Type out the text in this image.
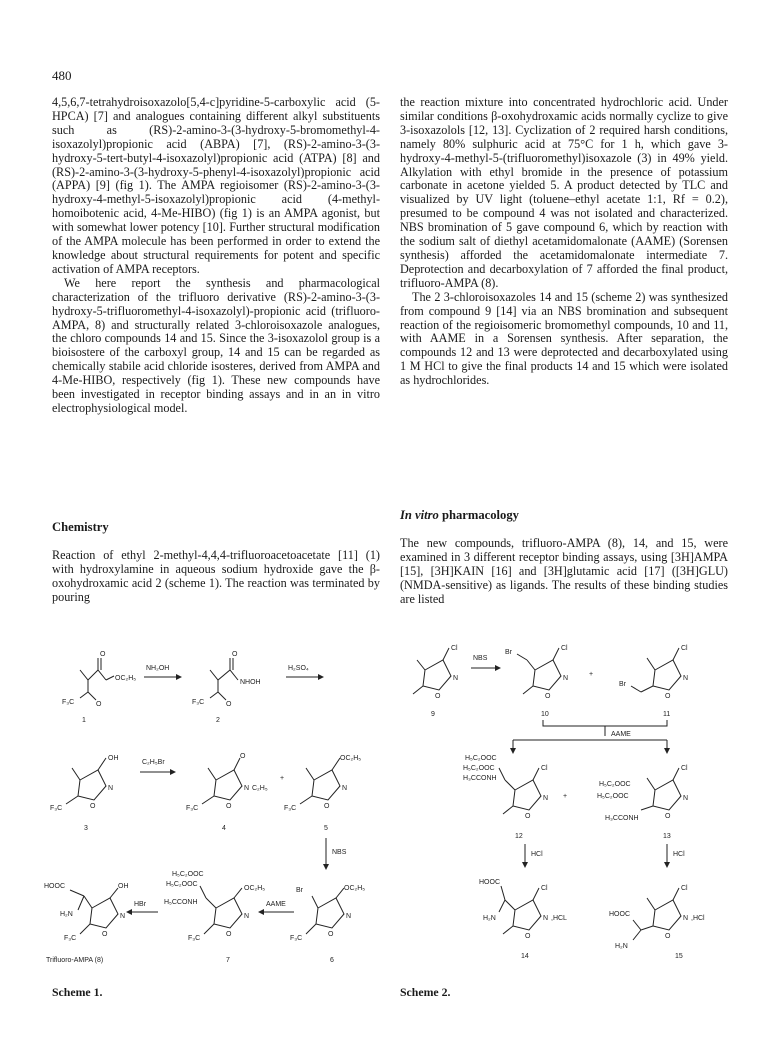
480

4,5,6,7-tetrahydroisoxazolo[5,4-c]pyridine-5-carboxylic acid (5-HPCA) [7] and analogues containing different alkyl substituents such as (RS)-2-amino-3-(3-hydroxy-5-bromomethyl-4-isoxazolyl)propionic acid (ABPA) [7], (RS)-2-amino-3-(3-hydroxy-5-tert-butyl-4-isoxazolyl)propionic acid (ATPA) [8] and (RS)-2-amino-3-(3-hydroxy-5-phenyl-4-isoxazolyl)propionic acid (APPA) [9] (fig 1). The AMPA regioisomer (RS)-2-amino-3-(3-hydroxy-4-methyl-5-isoxazolyl)propionic acid (4-methyl-homoibotenic acid, 4-Me-HIBO) (fig 1) is an AMPA agonist, but with somewhat lower potency [10]. Further structural modification of the AMPA molecule has been performed in order to extend the knowledge about structural requirements for potent and specific activation of AMPA receptors.

We here report the synthesis and pharmacological characterization of the trifluoro derivative (RS)-2-amino-3-(3-hydroxy-5-trifluoromethyl-4-isoxazolyl)-propionic acid (trifluoro-AMPA, 8) and structurally related 3-chloroisoxazole analogues, the chloro compounds 14 and 15. Since the 3-isoxazolol group is a bioisostere of the carboxyl group, 14 and 15 can be regarded as chemically stabile acid chloride isosteres, derived from AMPA and 4-Me-HIBO, respectively (fig 1). These new compounds have been investigated in receptor binding assays and in an in vitro electrophysiological model.

Chemistry

Reaction of ethyl 2-methyl-4,4,4-trifluoroacetoacetate [11] (1) with hydroxylamine in aqueous sodium hydroxide gave the β-oxohydroxamic acid 2 (scheme 1). The reaction was terminated by pouring

the reaction mixture into concentrated hydrochloric acid. Under similar conditions β-oxohydroxamic acids normally cyclize to give 3-isoxazolols [12, 13]. Cyclization of 2 required harsh conditions, namely 80% sulphuric acid at 75°C for 1 h, which gave 3-hydroxy-4-methyl-5-(trifluoromethyl)isoxazole (3) in 49% yield. Alkylation with ethyl bromide in the presence of potassium carbonate in acetone yielded 5. A product detected by TLC and visualized by UV light (toluene–ethyl acetate 1:1, Rf = 0.2), presumed to be compound 4 was not isolated and characterized. NBS bromination of 5 gave compound 6, which by reaction with the sodium salt of diethyl acetamidomalonate (AAME) (Sorensen synthesis) afforded the acetamidomalonate intermediate 7. Deprotection and decarboxylation of 7 afforded the final product, trifluoro-AMPA (8).

The 2 3-chloroisoxazoles 14 and 15 (scheme 2) was synthesized from compound 9 [14] via an NBS bromination and subsequent reaction of the regioisomeric bromomethyl compounds, 10 and 11, with AAME in a Sorensen synthesis. After separation, the compounds 12 and 13 were deprotected and decarboxylated using 1 M HCl to give the final products 14 and 15 which were isolated as hydrochlorides.

In vitro pharmacology

The new compounds, trifluoro-AMPA (8), 14, and 15, were examined in 3 different receptor binding assays, using [3H]AMPA [15], [3H]KAIN [16] and [3H]glutamic acid [17] ([3H]GLU) (NMDA-sensitive) as ligands. The results of these binding studies are listed

O
OC₂H₅
F₃C	O
1
NH₂OH
O
NHOH
F₃C	O
2
H₂SO₄
OH
N
O
F₃C
3
C₂H₅Br
O
N C₂H₅
O
F₃C
4
+
OC₂H₅
N
O
F₃C
5
NBS
HOOC	OH
H₂N	N
O
F₃C
Trifluoro-AMPA (8)
HBr
H₅C₂OOC
H₅C₂OOC
H₅CCONH
OC₂H₅
N
O
F₃C
7
AAME
Br	OC₂H₅
N
O
F₃C
6
Scheme 1.
Cl
N
O
9
NBS
Br
Cl
N
O
10
+
Br
Cl
N
O
11
AAME
H₅C₂OOC
H₅C₂OOC
H₃CCONH
Cl
N
O
12
+
H₅C₂OOC
H₅C₂OOC
H₃CCONH
Cl
N
O
13
HCl	HCl
HOOC
H₂N
Cl
N ,HCL
O
14
HOOC
H₂N
Cl
N ,HCl
O
15
Scheme 2.
